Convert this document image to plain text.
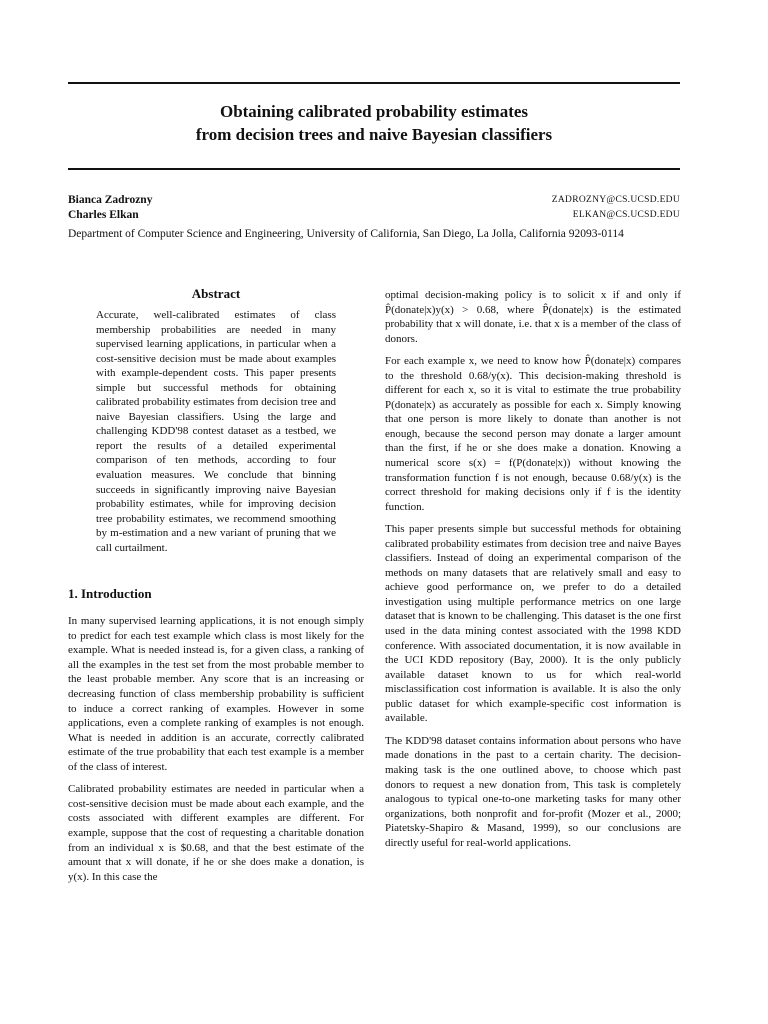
Obtaining calibrated probability estimates
from decision trees and naive Bayesian classifiers
Bianca Zadrozny	ZADROZNY@CS.UCSD.EDU
Charles Elkan	ELKAN@CS.UCSD.EDU
Department of Computer Science and Engineering, University of California, San Diego, La Jolla, California 92093-0114
Abstract
Accurate, well-calibrated estimates of class membership probabilities are needed in many supervised learning applications, in particular when a cost-sensitive decision must be made about examples with example-dependent costs. This paper presents simple but successful methods for obtaining calibrated probability estimates from decision tree and naive Bayesian classifiers. Using the large and challenging KDD'98 contest dataset as a testbed, we report the results of a detailed experimental comparison of ten methods, according to four evaluation measures. We conclude that binning succeeds in significantly improving naive Bayesian probability estimates, while for improving decision tree probability estimates, we recommend smoothing by m-estimation and a new variant of pruning that we call curtailment.
1. Introduction
In many supervised learning applications, it is not enough simply to predict for each test example which class is most likely for the example. What is needed instead is, for a given class, a ranking of all the examples in the test set from the most probable member to the least probable member. Any score that is an increasing or decreasing function of class membership probability is sufficient to induce a correct ranking of examples. However in some applications, even a complete ranking of examples is not enough. What is needed in addition is an accurate, correctly calibrated estimate of the true probability that each test example is a member of the class of interest.
Calibrated probability estimates are needed in particular when a cost-sensitive decision must be made about each example, and the costs associated with different examples are different. For example, suppose that the cost of requesting a charitable donation from an individual x is $0.68, and that the best estimate of the amount that x will donate, if he or she does make a donation, is y(x). In this case the
optimal decision-making policy is to solicit x if and only if P̂(donate|x)y(x) > 0.68, where P̂(donate|x) is the estimated probability that x will donate, i.e. that x is a member of the class of donors.
For each example x, we need to know how P̂(donate|x) compares to the threshold 0.68/y(x). This decision-making threshold is different for each x, so it is vital to estimate the true probability P(donate|x) as accurately as possible for each x. Simply knowing that one person is more likely to donate than another is not enough, because the second person may donate a larger amount than the first, if he or she does make a donation. Knowing a numerical score s(x) = f(P(donate|x)) without knowing the transformation function f is not enough, because 0.68/y(x) is the correct threshold for making decisions only if f is the identity function.
This paper presents simple but successful methods for obtaining calibrated probability estimates from decision tree and naive Bayes classifiers. Instead of doing an experimental comparison of the methods on many datasets that are relatively small and easy to achieve good performance on, we prefer to do a detailed investigation using multiple performance metrics on one large dataset that is known to be challenging. This dataset is the one first used in the data mining contest associated with the 1998 KDD conference. With associated documentation, it is now available in the UCI KDD repository (Bay, 2000). It is the only publicly available dataset known to us for which real-world misclassification cost information is available. It is also the only public dataset for which example-specific cost information is available.
The KDD'98 dataset contains information about persons who have made donations in the past to a certain charity. The decision-making task is the one outlined above, to choose which past donors to request a new donation from, This task is completely analogous to typical one-to-one marketing tasks for many other organizations, both nonprofit and for-profit (Mozer et al., 2000; Piatetsky-Shapiro & Masand, 1999), so our conclusions are directly useful for real-world applications.
